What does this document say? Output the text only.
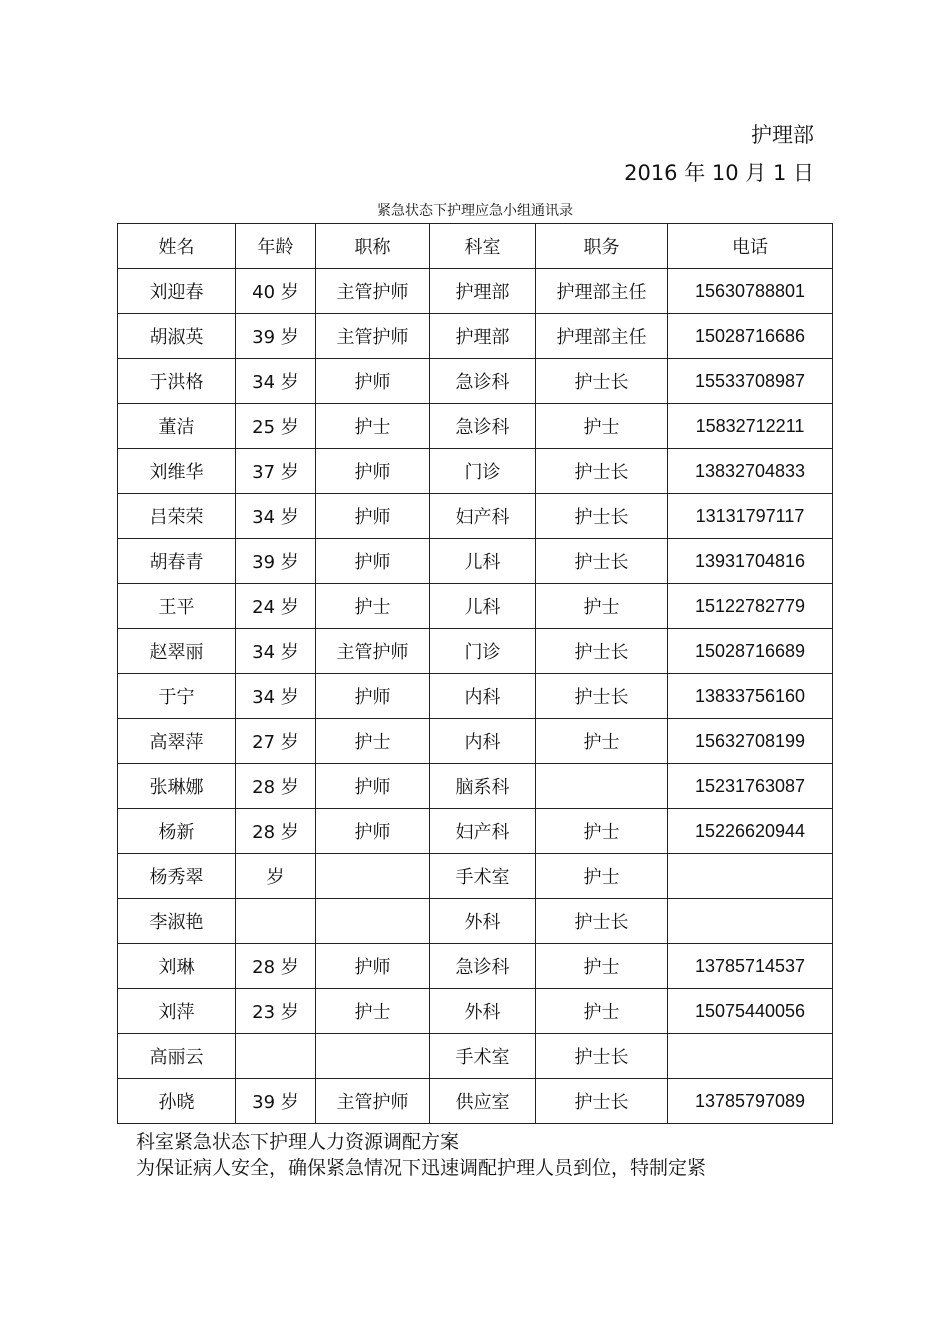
护理部
2016 年 10 月 1 日
紧急状态下护理应急小组通讯录
姓名	年龄	职称	科室	职务	电话
刘迎春	40 岁	主管护师	护理部	护理部主任	15630788801
胡淑英	39 岁	主管护师	护理部	护理部主任	15028716686
于洪格	34 岁	护师	急诊科	护士长	15533708987
董洁	25 岁	护士	急诊科	护士	15832712211
刘维华	37 岁	护师	门诊	护士长	13832704833
吕荣荣	34 岁	护师	妇产科	护士长	13131797117
胡春青	39 岁	护师	儿科	护士长	13931704816
王平	24 岁	护士	儿科	护士	15122782779
赵翠丽	34 岁	主管护师	门诊	护士长	15028716689
于宁	34 岁	护师	内科	护士长	13833756160
高翠萍	27 岁	护士	内科	护士	15632708199
张琳娜	28 岁	护师	脑系科		15231763087
杨新	28 岁	护师	妇产科	护士	15226620944
杨秀翠	岁		手术室	护士	
李淑艳			外科	护士长	
刘琳	28 岁	护师	急诊科	护士	13785714537
刘萍	23 岁	护士	外科	护士	15075440056
高丽云			手术室	护士长	
孙晓	39 岁	主管护师	供应室	护士长	13785797089
科室紧急状态下护理人力资源调配方案
为保证病人安全，确保紧急情况下迅速调配护理人员到位，特制定紧
